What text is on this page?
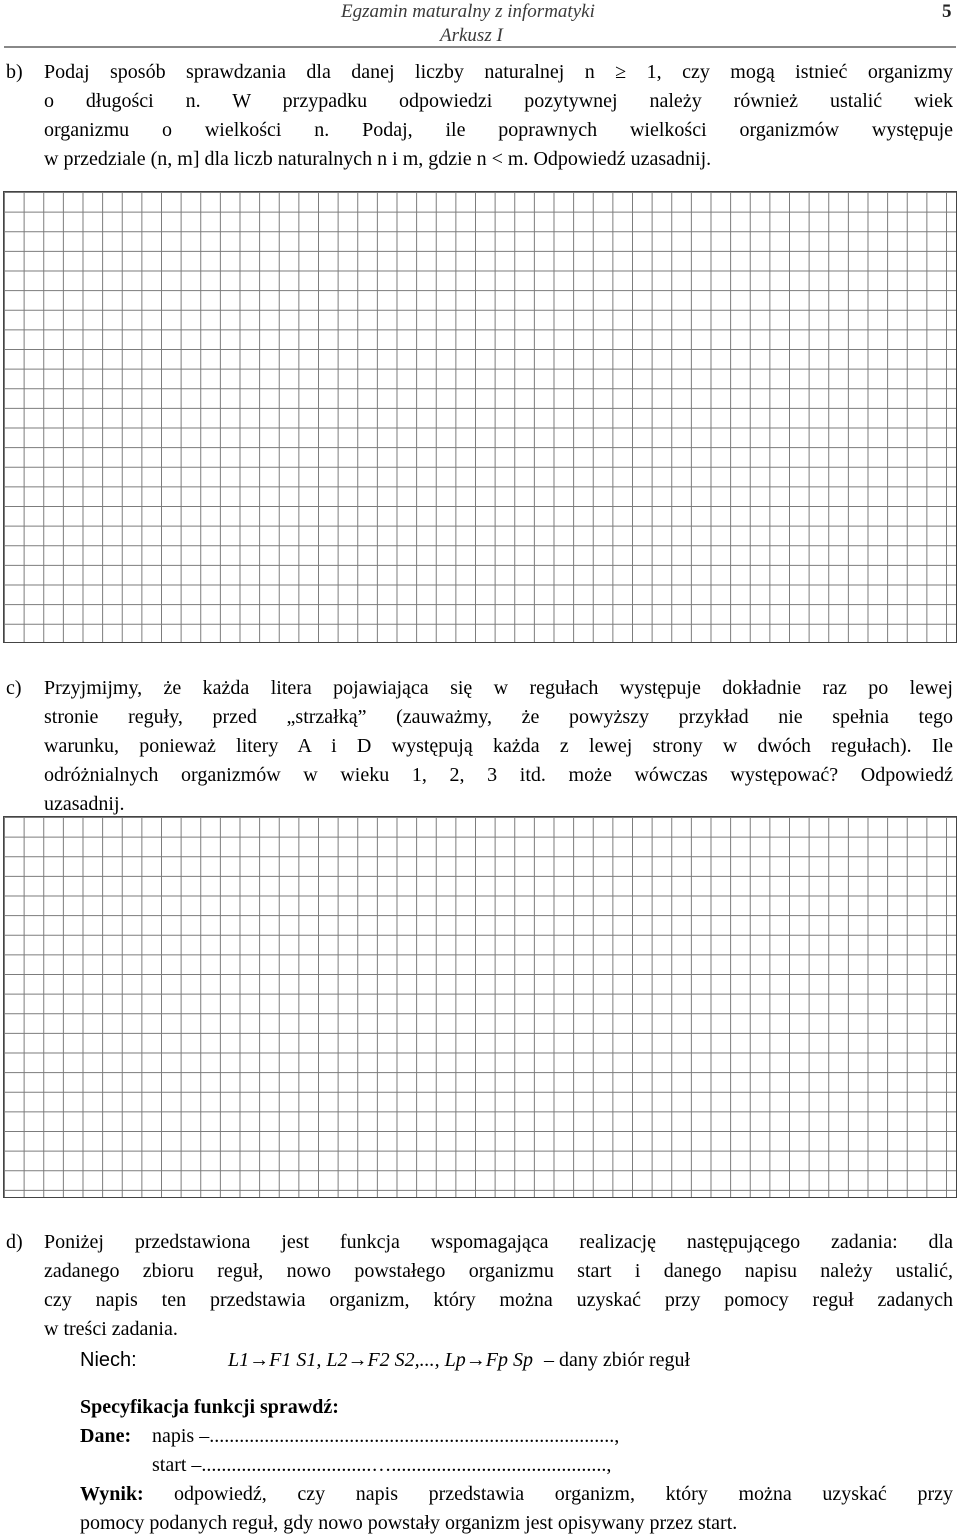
Egzamin maturalny z informatyki
Arkusz I
5
b) Podaj sposób sprawdzania dla danej liczby naturalnej n ≥ 1, czy mogą istnieć organizmy

o długości n. W przypadku odpowiedzi pozytywnej należy również ustalić wiek

organizmu o wielkości n. Podaj, ile poprawnych wielkości organizmów występuje

w przedziale (n, m] dla liczb naturalnych n i m, gdzie n < m. Odpowiedź uzasadnij.

c) Przyjmijmy, że każda litera pojawiająca się w regułach występuje dokładnie raz po lewej

stronie reguły, przed „strzałką” (zauważmy, że powyższy przykład nie spełnia tego

warunku, ponieważ litery A i D występują każda z lewej strony w dwóch regułach). Ile

odróżnialnych organizmów w wieku 1, 2, 3 itd. może wówczas występować? Odpowiedź

uzasadnij.

d) Poniżej przedstawiona jest funkcja wspomagająca realizację następującego zadania: dla

zadanego zbioru reguł, nowo powstałego organizmu start i danego napisu należy ustalić,

czy napis ten przedstawia organizm, który można uzyskać przy pomocy reguł zadanych

w treści zadania.

Niech:	L1→F1 S1, L2→F2 S2,..., Lp→Fp Sp – dany zbiór reguł
Specyfikacja funkcji sprawdź:
Dane: napis –.................................................................................,
start –..................................…...........................................,
Wynik:	odpowiedź, czy napis przedstawia organizm, który można uzyskać przy

pomocy podanych reguł, gdy nowo powstały organizm jest opisywany przez start.
